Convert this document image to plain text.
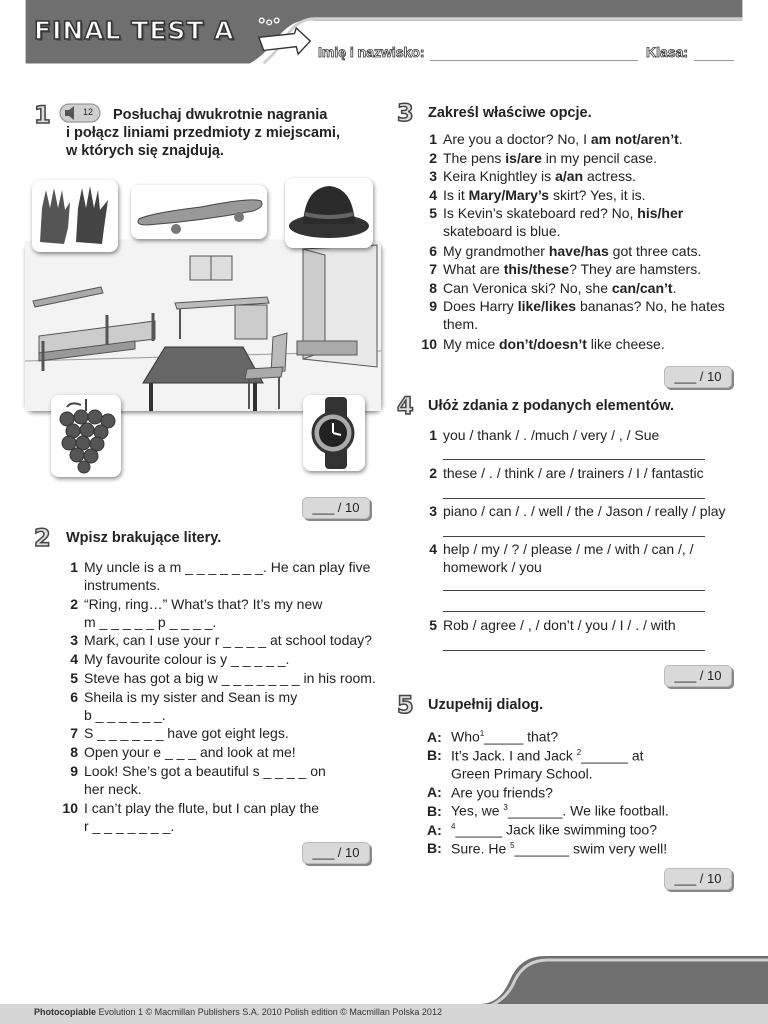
FINAL TEST A
Imię i nazwisko:	Klasa:
1	12 Posłuchaj dwukrotnie nagrania
i połącz liniami przedmioty z miejscami,
w których się znajdują.
___ / 10
2 Wpisz brakujące litery.
1 My uncle is a m _ _ _ _ _ _ _. He can play five
instruments.
2 “Ring, ring…” What’s that? It’s my new
m _ _ _ _ _ p _ _ _ _.
3 Mark, can I use your r _ _ _ _ at school today?
4 My favourite colour is y _ _ _ _ _.
5 Steve has got a big w _ _ _ _ _ _ _ in his room.
6 Sheila is my sister and Sean is my
b _ _ _ _ _ _.
7 S _ _ _ _ _ _ have got eight legs.
8 Open your e _ _ _ and look at me!
9 Look! She’s got a beautiful s _ _ _ _ on
her neck.
10 I can’t play the flute, but I can play the
r _ _ _ _ _ _ _.
___ / 10
3 Zakreśl właściwe opcje.
1 Are you a doctor? No, I am not/aren’t.
2 The pens is/are in my pencil case.
3 Keira Knightley is a/an actress.
4 Is it Mary/Mary’s skirt? Yes, it is.
5 Is Kevin’s skateboard red? No, his/her
skateboard is blue.
6 My grandmother have/has got three cats.
7 What are this/these? They are hamsters.
8 Can Veronica ski? No, she can/can’t.
9 Does Harry like/likes bananas? No, he hates
them.
10 My mice don’t/doesn’t like cheese.
___ / 10
4 Ułóż zdania z podanych elementów.
1 you / thank / . /much / very / , / Sue
2 these / . / think / are / trainers / I / fantastic
3 piano / can / . / well / the / Jason / really / play
4 help / my / ? / please / me / with / can /, /
homework / you
5 Rob / agree / , / don’t / you / I / . / with
___ / 10
5 Uzupełnij dialog.
A: Who$^1$_____ that?
B: It’s Jack. I and Jack $^2$______ at
Green Primary School.
A: Are you friends?
B: Yes, we $^3$_______. We like football.
A: $^4$______ Jack like swimming too?
B: Sure. He $^5$_______ swim very well!
___ / 10
Photocopiable Evolution 1 © Macmillan Publishers S.A. 2010 Polish edition © Macmillan Polska 2012
